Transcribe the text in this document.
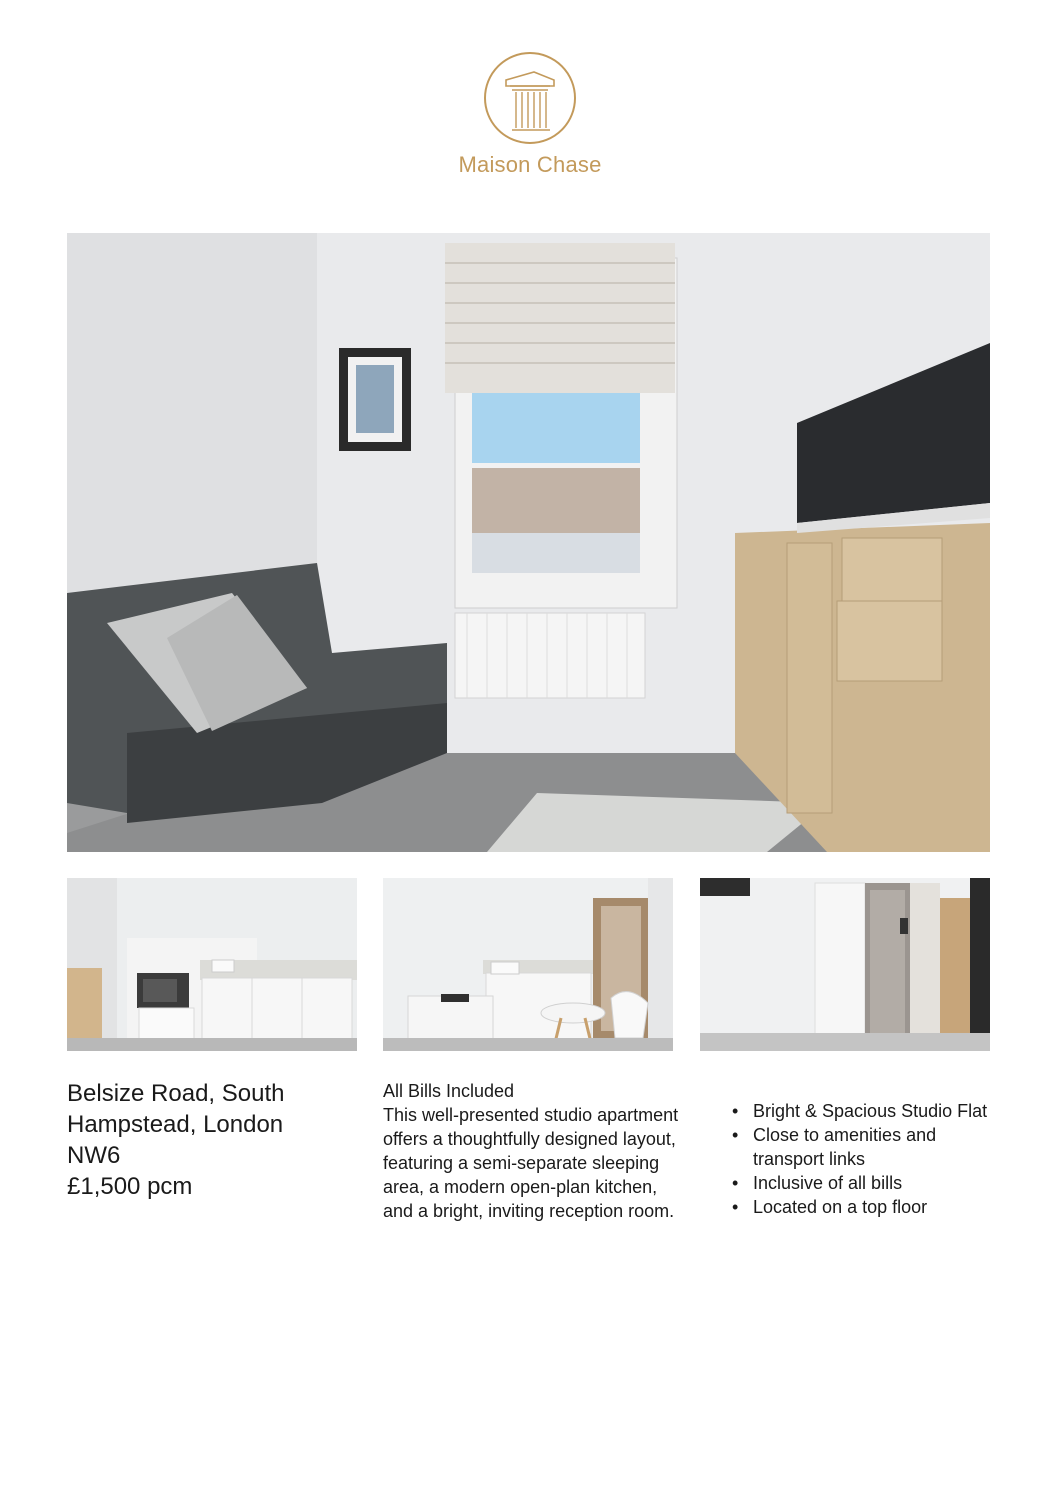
Maison Chase
Belsize Road, South
Hampstead, London
NW6
£1,500 pcm
All Bills Included
This well-presented studio apartment offers a thoughtfully designed layout, featuring a semi-separate sleeping area, a modern open-plan kitchen, and a bright, inviting reception room.
• Bright & Spacious Studio Flat
• Close to amenities and transport links
• Inclusive of all bills
• Located on a top floor
